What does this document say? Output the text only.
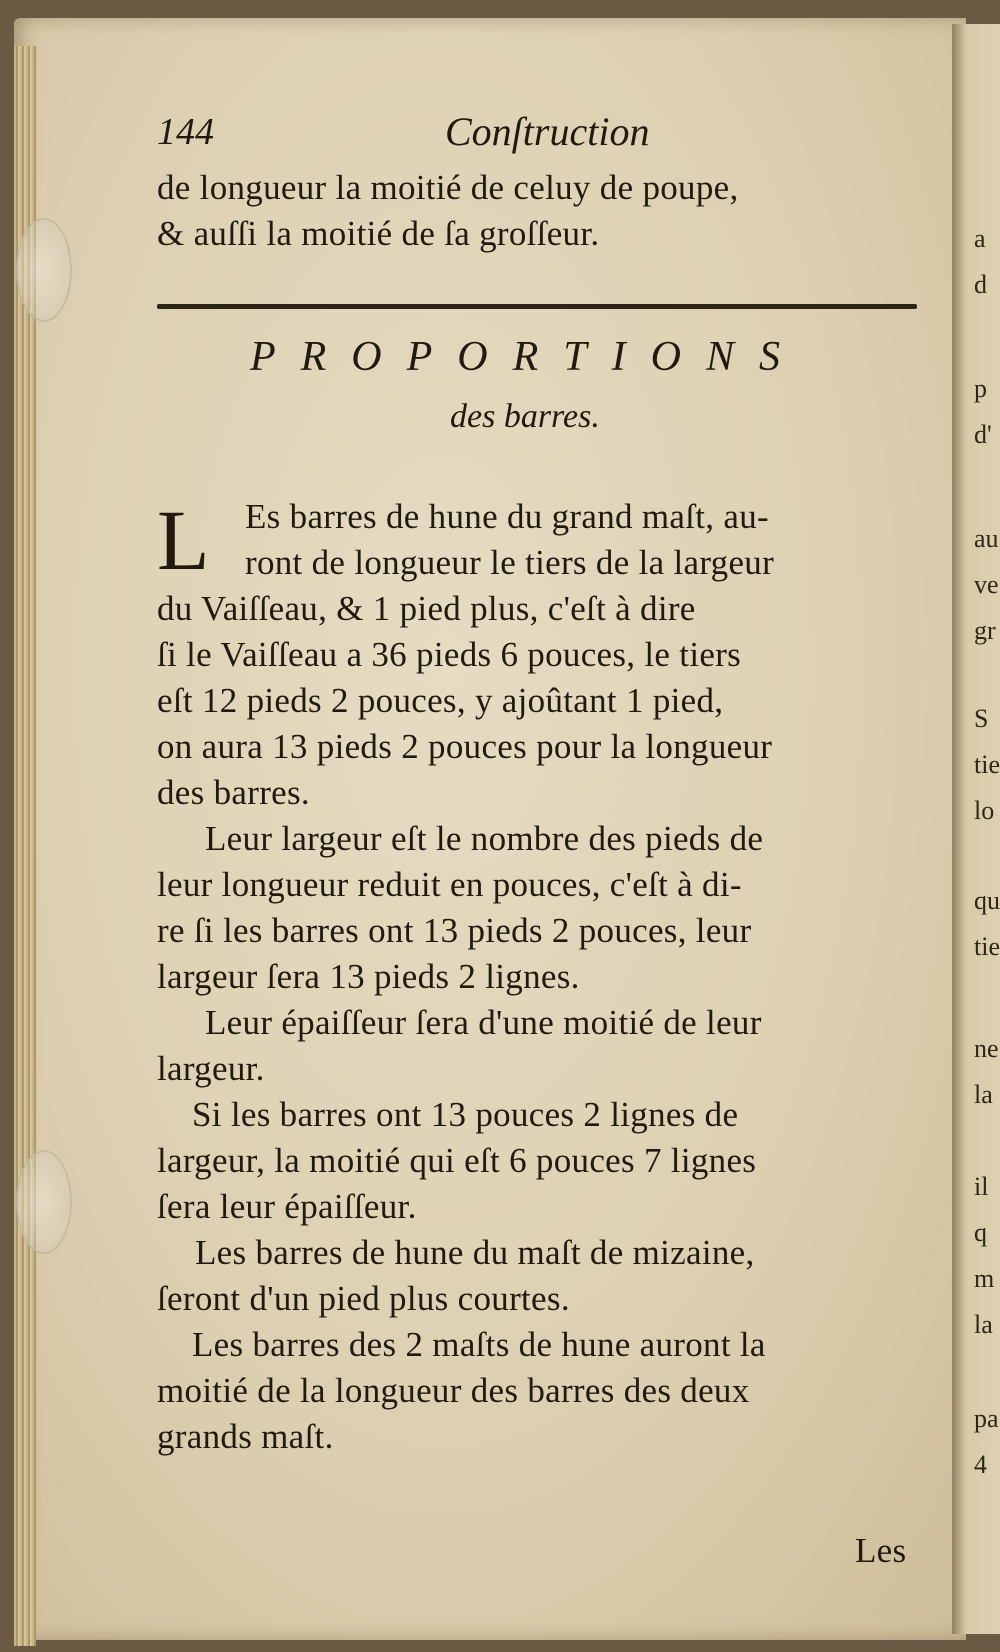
a
d
p
d'
au
ve
gr
S
tie
lo
qu
tie
ne
la
il
q
m
la
pa
4
144	Conſtruction
de longueur la moitié de celuy de poupe,
& auſſi la moitié de ſa groſſeur.
PROPORTIONS
des barres.
L Es barres de hune du grand maſt, au-
ront de longueur le tiers de la largeur
du Vaiſſeau, & 1 pied plus, c'eſt à dire
ſi le Vaiſſeau a 36 pieds 6 pouces, le tiers
eſt 12 pieds 2 pouces, y ajoûtant 1 pied,
on aura 13 pieds 2 pouces pour la longueur
des barres.
Leur largeur eſt le nombre des pieds de
leur longueur reduit en pouces, c'eſt à di-
re ſi les barres ont 13 pieds 2 pouces, leur
largeur ſera 13 pieds 2 lignes.
Leur épaiſſeur ſera d'une moitié de leur
largeur.
Si les barres ont 13 pouces 2 lignes de
largeur, la moitié qui eſt 6 pouces 7 lignes
ſera leur épaiſſeur.
Les barres de hune du maſt de mizaine,
ſeront d'un pied plus courtes.
Les barres des 2 maſts de hune auront la
moitié de la longueur des barres des deux
grands maſt.
Les
